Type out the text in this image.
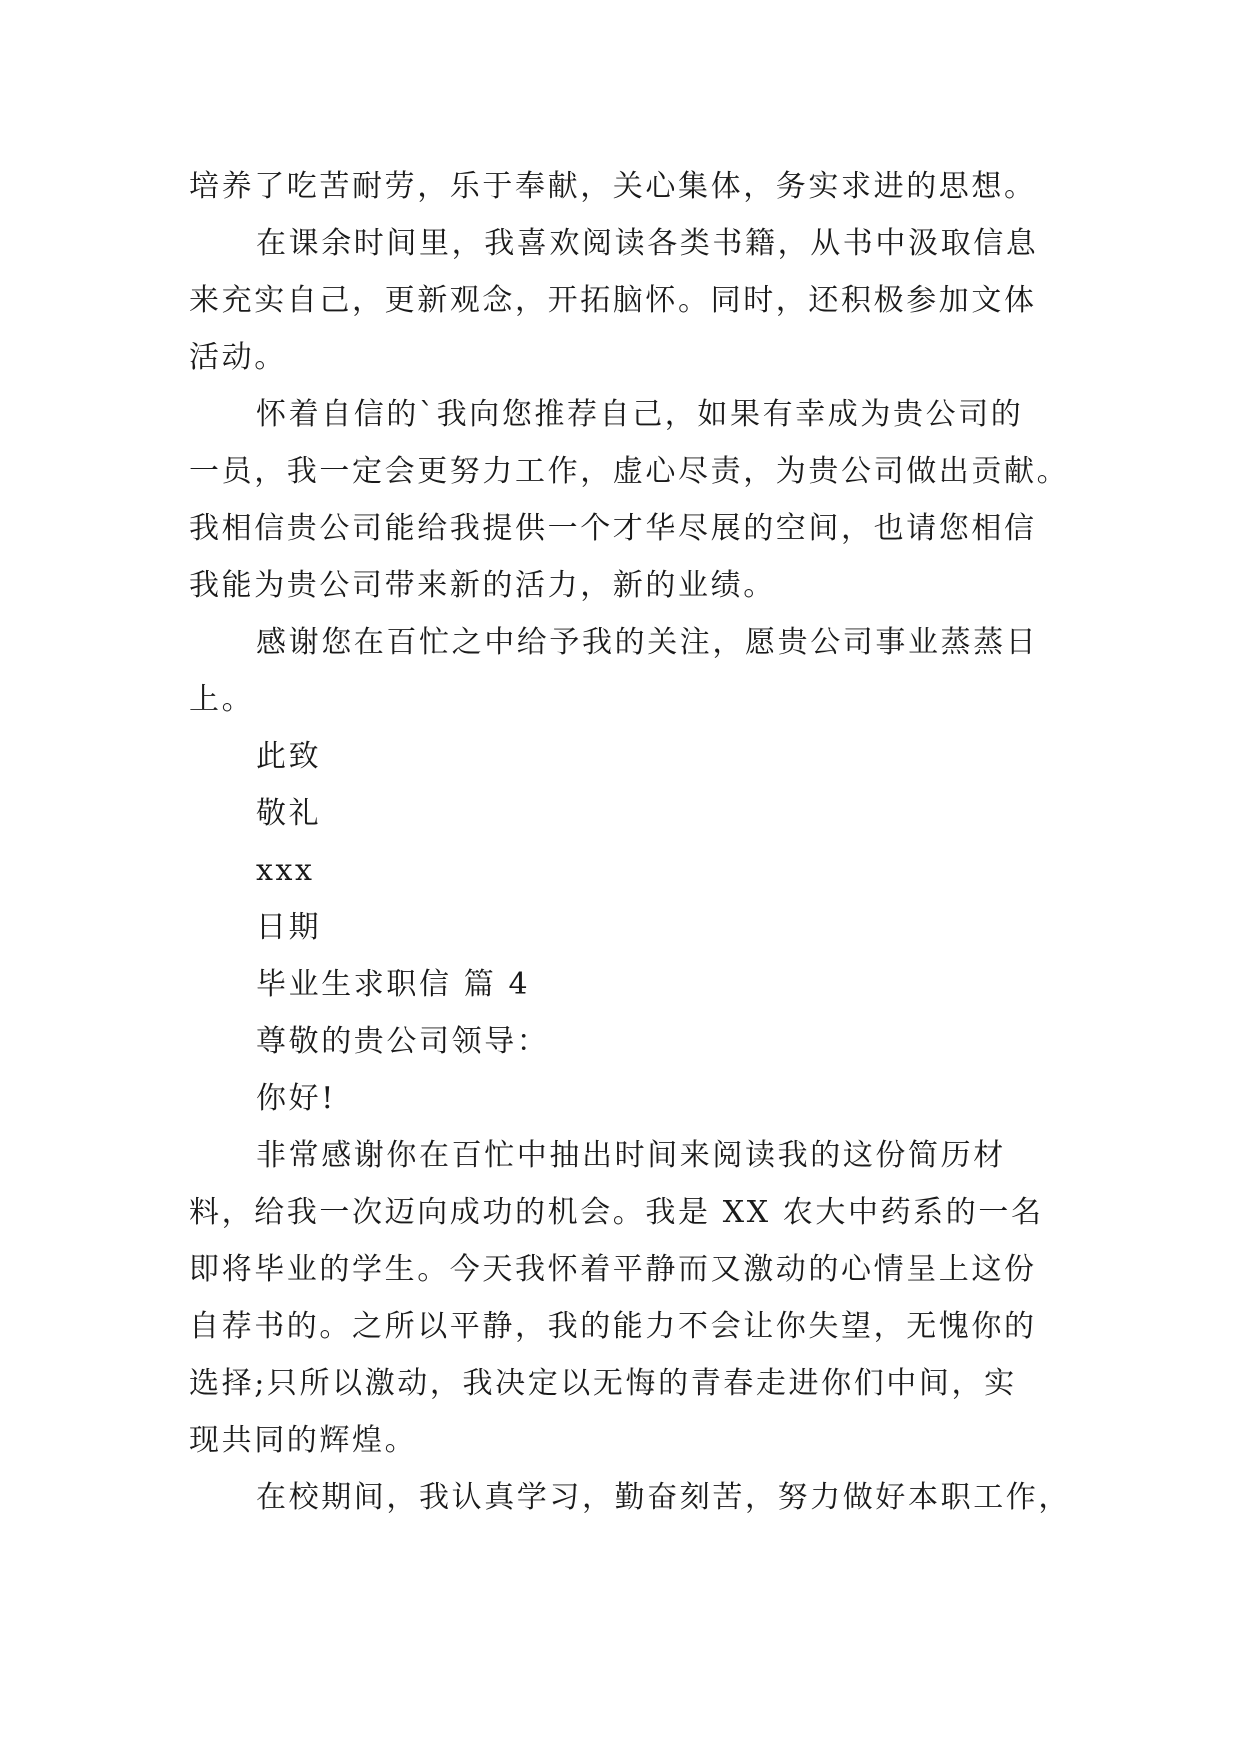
培养了吃苦耐劳，乐于奉献，关心集体，务实求进的思想。
在课余时间里，我喜欢阅读各类书籍，从书中汲取信息
来充实自己，更新观念，开拓脑怀。同时，还积极参加文体
活动。
怀着自信的`我向您推荐自己，如果有幸成为贵公司的
一员，我一定会更努力工作，虚心尽责，为贵公司做出贡献。
我相信贵公司能给我提供一个才华尽展的空间，也请您相信
我能为贵公司带来新的活力，新的业绩。
感谢您在百忙之中给予我的关注，愿贵公司事业蒸蒸日
上。
此致
敬礼
xxx
日期
毕业生求职信 篇 4
尊敬的贵公司领导：
你好!
非常感谢你在百忙中抽出时间来阅读我的这份简历材
料，给我一次迈向成功的机会。我是 XX 农大中药系的一名
即将毕业的学生。今天我怀着平静而又激动的心情呈上这份
自荐书的。之所以平静，我的能力不会让你失望，无愧你的
选择;只所以激动，我决定以无悔的青春走进你们中间，实
现共同的辉煌。
在校期间，我认真学习，勤奋刻苦，努力做好本职工作，
